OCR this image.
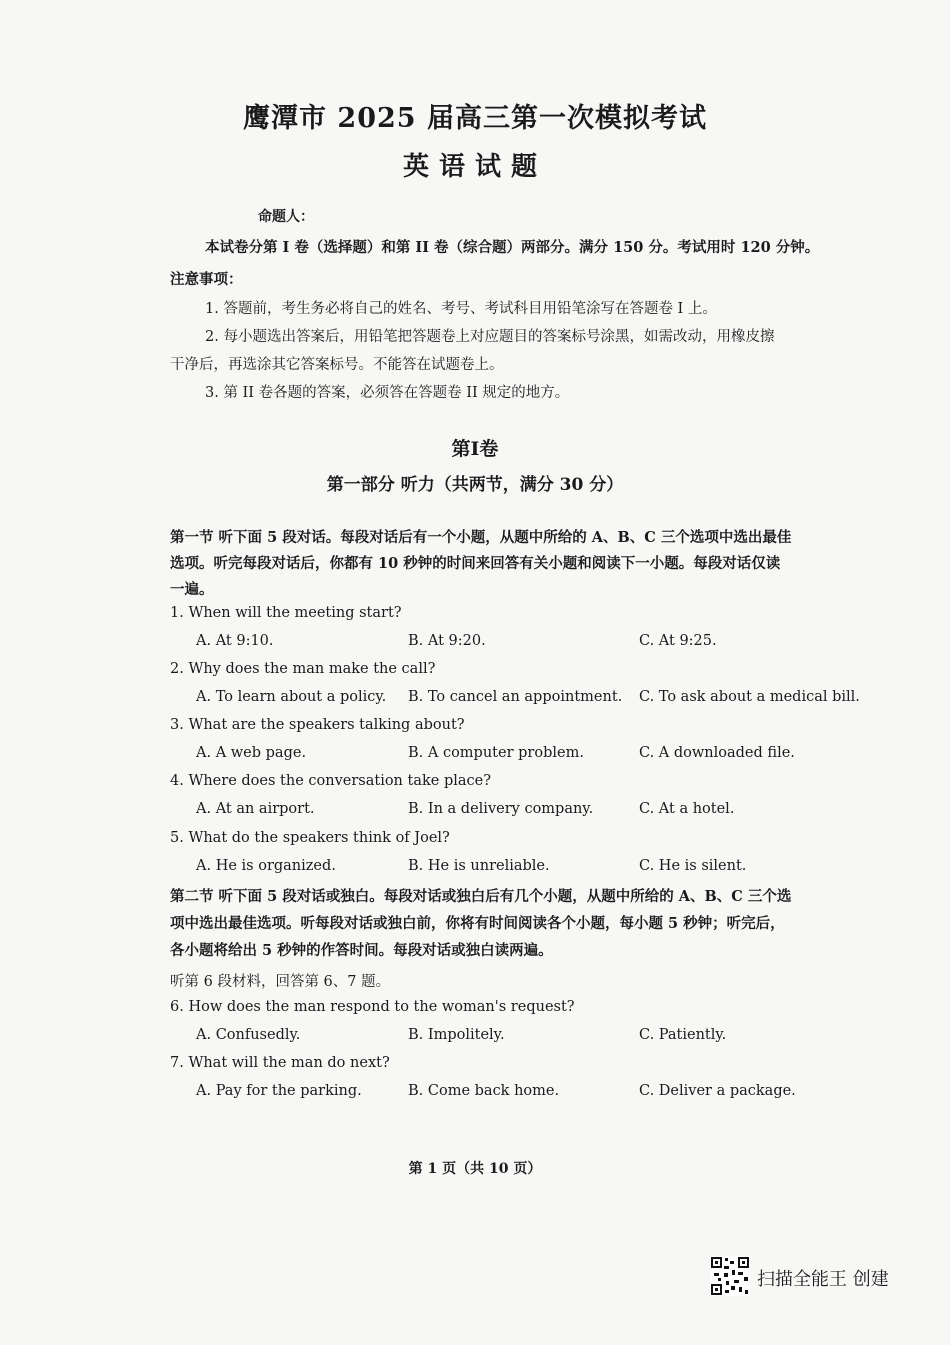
鹰潭市 2025 届高三第一次模拟考试
英语试题
命题人：
本试卷分第 I 卷（选择题）和第 II 卷（综合题）两部分。满分 150 分。考试用时 120 分钟。
注意事项：
1. 答题前，考生务必将自己的姓名、考号、考试科目用铅笔涂写在答题卷 I 上。
2. 每小题选出答案后，用铅笔把答题卷上对应题目的答案标号涂黑，如需改动，用橡皮擦
干净后，再选涂其它答案标号。不能答在试题卷上。
3. 第 II 卷各题的答案，必须答在答题卷 II 规定的地方。
第I卷
第一部分 听力（共两节，满分 30 分）
第一节 听下面 5 段对话。每段对话后有一个小题，从题中所给的 A、B、C 三个选项中选出最佳
选项。听完每段对话后，你都有 10 秒钟的时间来回答有关小题和阅读下一小题。每段对话仅读
一遍。
1. When will the meeting start?
A. At 9:10.	B. At 9:20.	C. At 9:25.
2. Why does the man make the call?
A. To learn about a policy. B. To cancel an appointment. C. To ask about a medical bill.
3. What are the speakers talking about?
A. A web page.	B. A computer problem.	C. A downloaded file.
4. Where does the conversation take place?
A. At an airport.	B. In a delivery company.	C. At a hotel.
5. What do the speakers think of Joel?
A. He is organized.	B. He is unreliable.	C. He is silent.
第二节 听下面 5 段对话或独白。每段对话或独白后有几个小题，从题中所给的 A、B、C 三个选
项中选出最佳选项。听每段对话或独白前，你将有时间阅读各个小题，每小题 5 秒钟；听完后，
各小题将给出 5 秒钟的作答时间。每段对话或独白读两遍。
听第 6 段材料，回答第 6、7 题。
6. How does the man respond to the woman's request?
A. Confusedly.	B. Impolitely.	C. Patiently.
7. What will the man do next?
A. Pay for the parking.	B. Come back home.	C. Deliver a package.
第 1 页（共 10 页）
扫描全能王 创建
